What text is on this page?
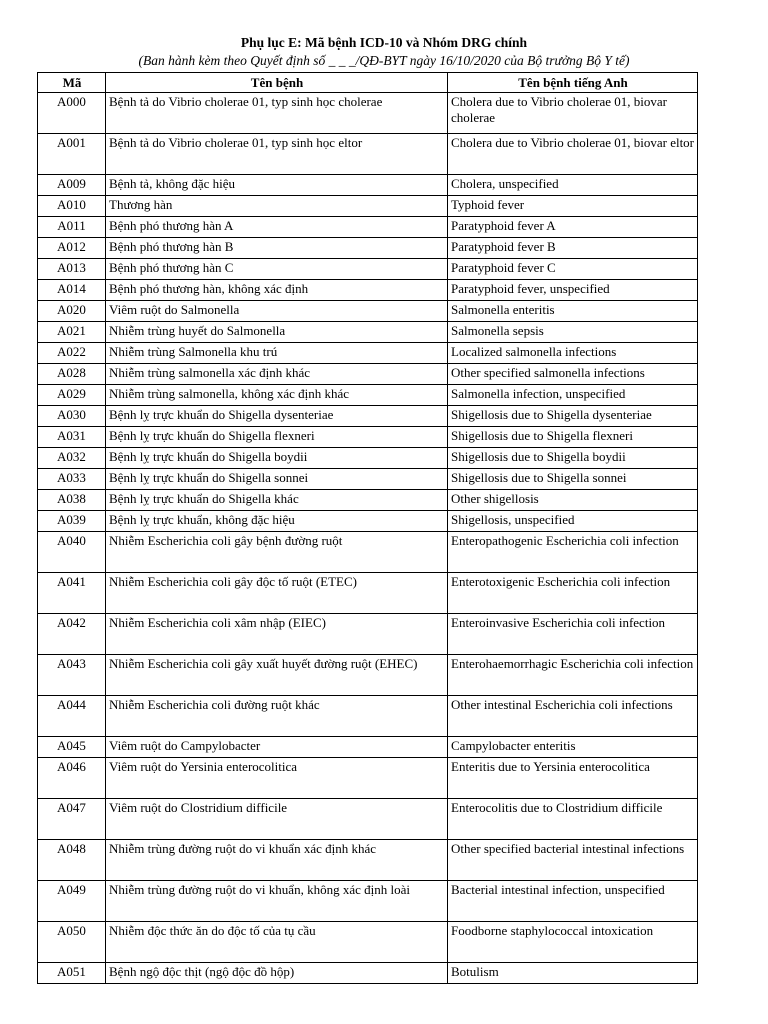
Phụ lục E: Mã bệnh ICD-10 và Nhóm DRG chính
(Ban hành kèm theo Quyết định số _ _ _/QĐ-BYT ngày 16/10/2020 của Bộ trưởng Bộ Y tế)
Mã	Tên bệnh	Tên bệnh tiếng Anh
A000	Bệnh tả do Vibrio cholerae 01, typ sinh học cholerae	Cholera due to Vibrio cholerae 01, biovar cholerae
A001	Bệnh tả do Vibrio cholerae 01, typ sinh học eltor	Cholera due to Vibrio cholerae 01, biovar eltor
A009	Bệnh tả, không đặc hiệu	Cholera, unspecified
A010	Thương hàn	Typhoid fever
A011	Bệnh phó thương hàn A	Paratyphoid fever A
A012	Bệnh phó thương hàn B	Paratyphoid fever B
A013	Bệnh phó thương hàn C	Paratyphoid fever C
A014	Bệnh phó thương hàn, không xác định	Paratyphoid fever, unspecified
A020	Viêm ruột do Salmonella	Salmonella enteritis
A021	Nhiễm trùng huyết do Salmonella	Salmonella sepsis
A022	Nhiễm trùng Salmonella khu trú	Localized salmonella infections
A028	Nhiễm trùng salmonella xác định khác	Other specified salmonella infections
A029	Nhiễm trùng salmonella, không xác định khác	Salmonella infection, unspecified
A030	Bệnh lỵ trực khuẩn do Shigella dysenteriae	Shigellosis due to Shigella dysenteriae
A031	Bệnh lỵ trực khuẩn do Shigella flexneri	Shigellosis due to Shigella flexneri
A032	Bệnh lỵ trực khuẩn do Shigella boydii	Shigellosis due to Shigella boydii
A033	Bệnh lỵ trực khuẩn do Shigella sonnei	Shigellosis due to Shigella sonnei
A038	Bệnh lỵ trực khuẩn do Shigella khác	Other shigellosis
A039	Bệnh lỵ trực khuẩn, không đặc hiệu	Shigellosis, unspecified
A040	Nhiễm Escherichia coli gây bệnh đường ruột	Enteropathogenic Escherichia coli infection
A041	Nhiễm Escherichia coli gây độc tố ruột (ETEC)	Enterotoxigenic Escherichia coli infection
A042	Nhiễm Escherichia coli xâm nhập (EIEC)	Enteroinvasive Escherichia coli infection
A043	Nhiễm Escherichia coli gây xuất huyết đường ruột (EHEC)	Enterohaemorrhagic Escherichia coli infection
A044	Nhiễm Escherichia coli đường ruột khác	Other intestinal Escherichia coli infections
A045	Viêm ruột do Campylobacter	Campylobacter enteritis
A046	Viêm ruột do Yersinia enterocolitica	Enteritis due to Yersinia enterocolitica
A047	Viêm ruột do Clostridium difficile	Enterocolitis due to Clostridium difficile
A048	Nhiễm trùng đường ruột do vi khuẩn xác định khác	Other specified bacterial intestinal infections
A049	Nhiễm trùng đường ruột do vi khuẩn, không xác định loài	Bacterial intestinal infection, unspecified
A050	Nhiễm độc thức ăn do độc tố của tụ cầu	Foodborne staphylococcal intoxication
A051	Bệnh ngộ độc thịt (ngộ độc đồ hộp)	Botulism
